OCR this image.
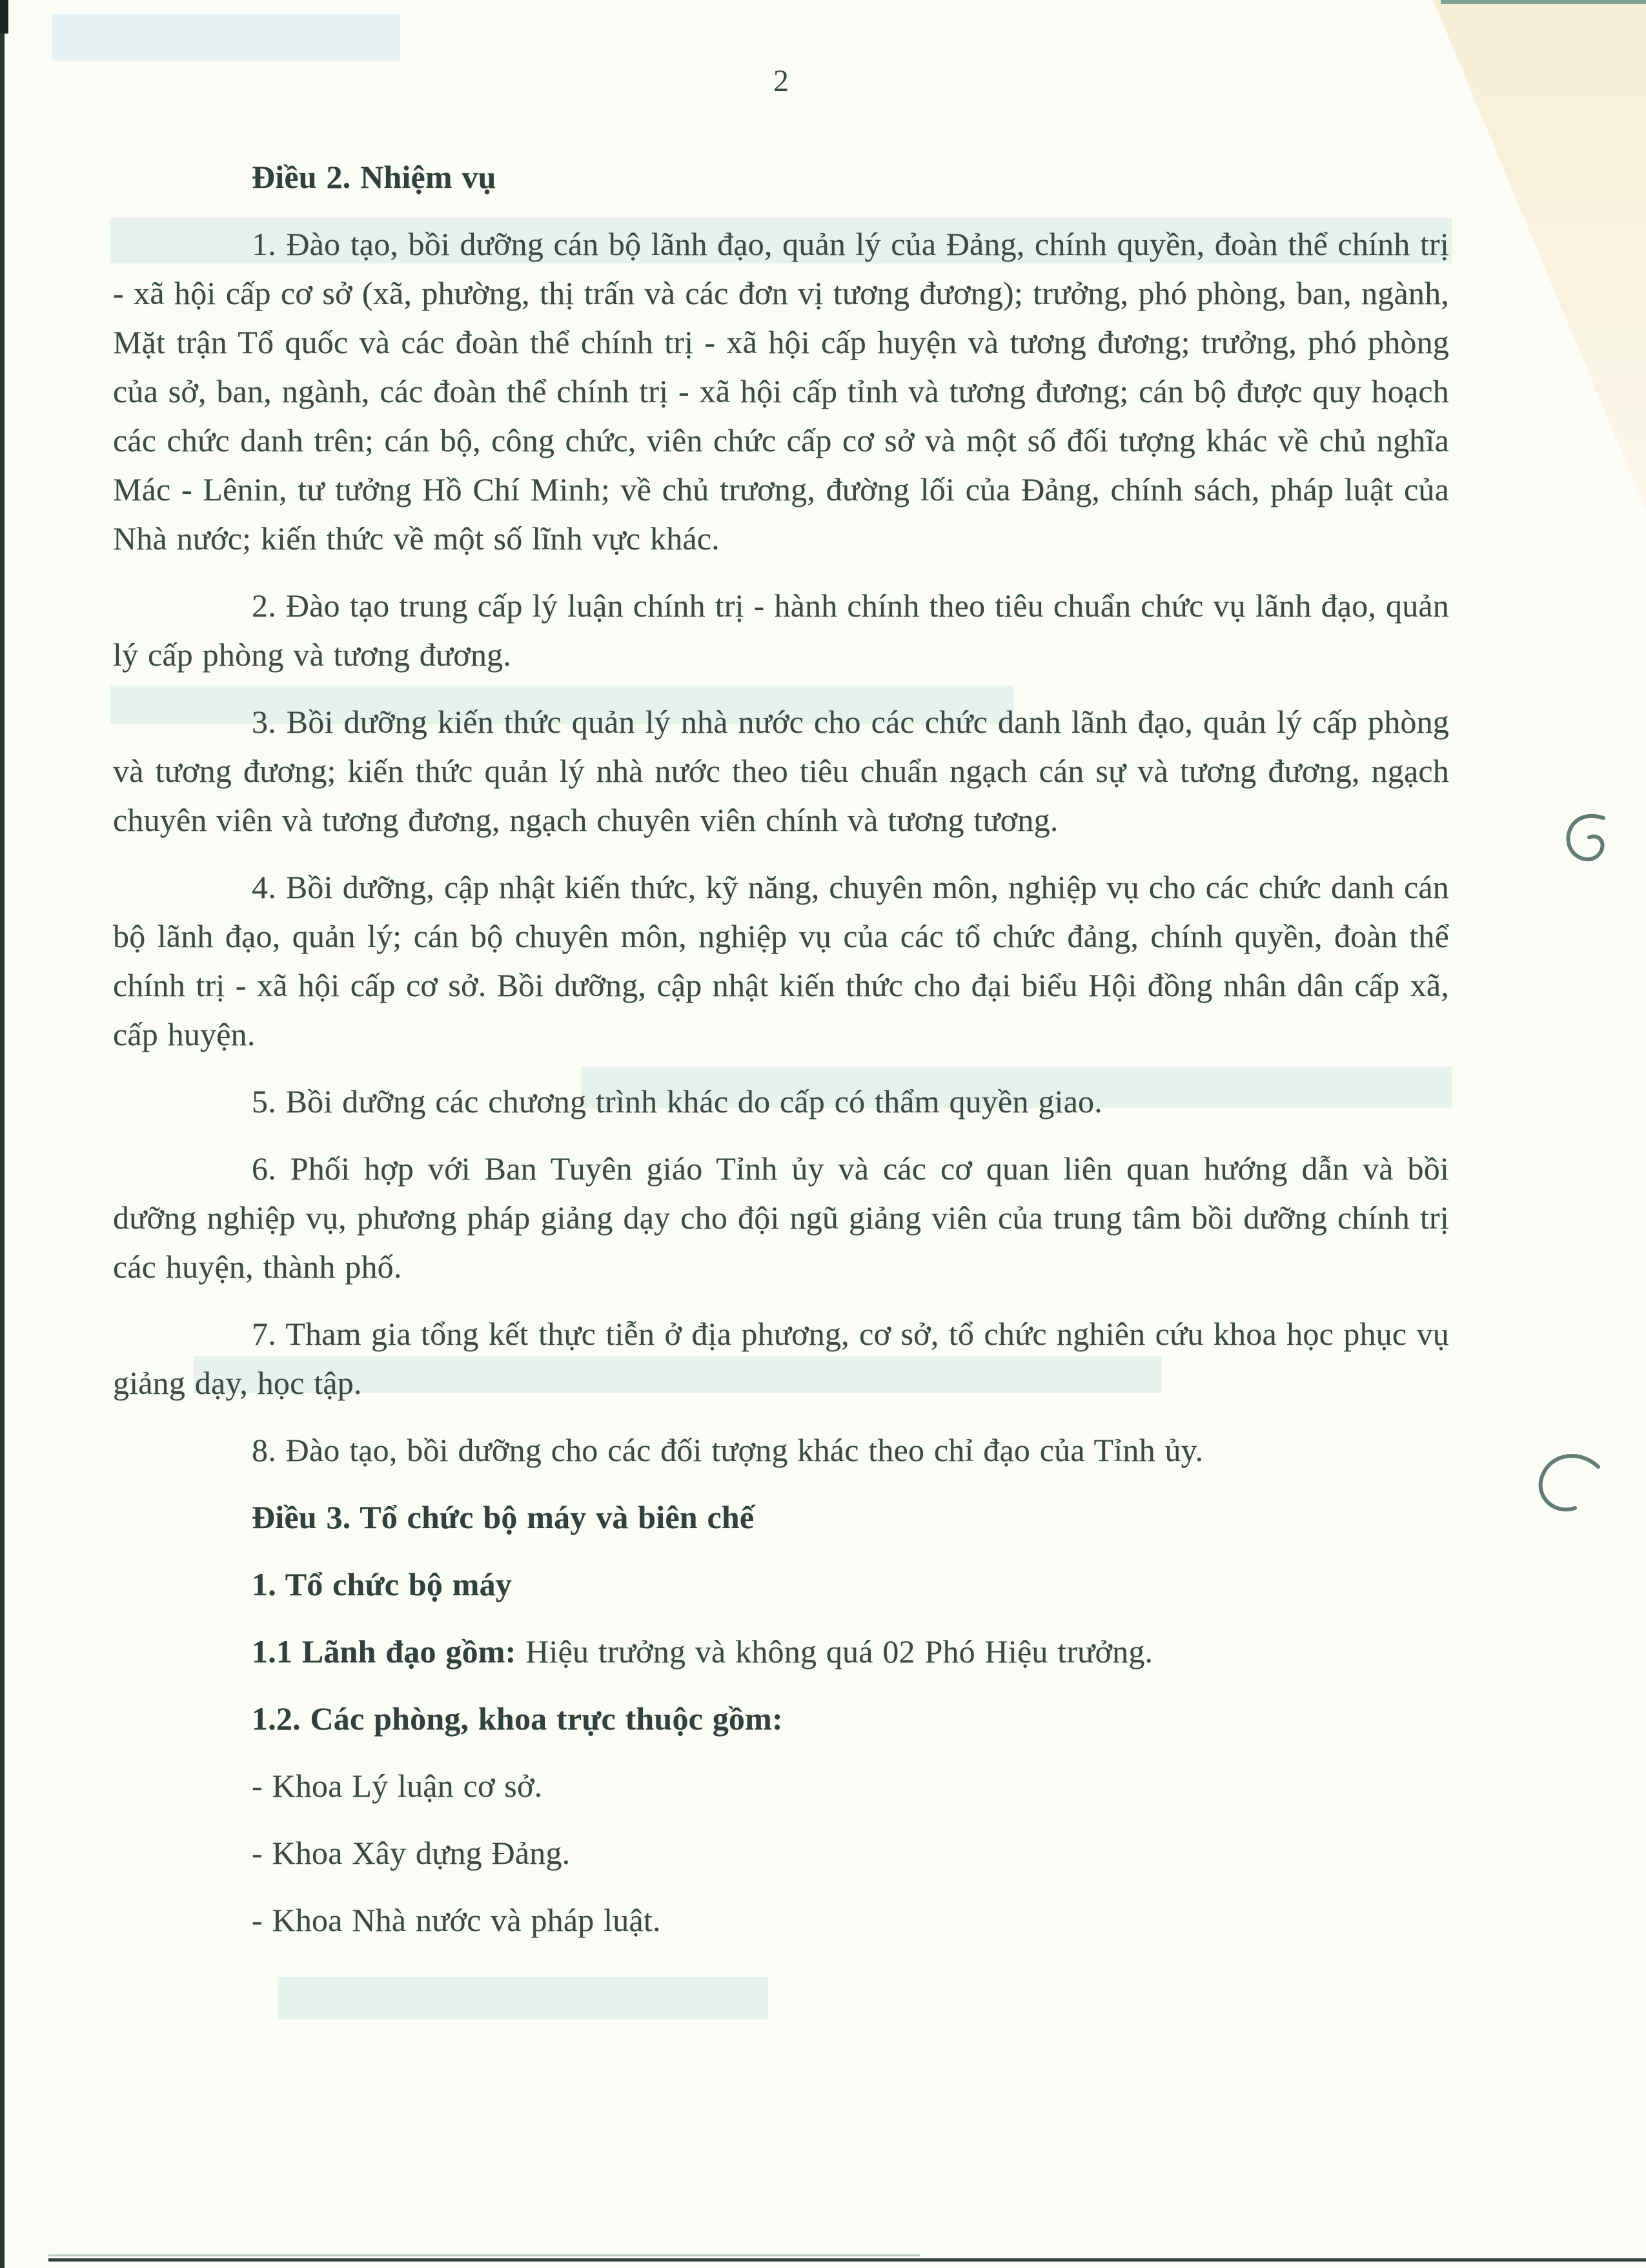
2
Điều 2. Nhiệm vụ
1. Đào tạo, bồi dưỡng cán bộ lãnh đạo, quản lý của Đảng, chính quyền, đoàn thể chính trị - xã hội cấp cơ sở (xã, phường, thị trấn và các đơn vị tương đương); trưởng, phó phòng, ban, ngành, Mặt trận Tổ quốc và các đoàn thể chính trị - xã hội cấp huyện và tương đương; trưởng, phó phòng của sở, ban, ngành, các đoàn thể chính trị - xã hội cấp tỉnh và tương đương; cán bộ được quy hoạch các chức danh trên; cán bộ, công chức, viên chức cấp cơ sở và một số đối tượng khác về chủ nghĩa Mác - Lênin, tư tưởng Hồ Chí Minh; về chủ trương, đường lối của Đảng, chính sách, pháp luật của Nhà nước; kiến thức về một số lĩnh vực khác.
2. Đào tạo trung cấp lý luận chính trị - hành chính theo tiêu chuẩn chức vụ lãnh đạo, quản lý cấp phòng và tương đương.
3. Bồi dưỡng kiến thức quản lý nhà nước cho các chức danh lãnh đạo, quản lý cấp phòng và tương đương; kiến thức quản lý nhà nước theo tiêu chuẩn ngạch cán sự và tương đương, ngạch chuyên viên và tương đương, ngạch chuyên viên chính và tương tương.
4. Bồi dưỡng, cập nhật kiến thức, kỹ năng, chuyên môn, nghiệp vụ cho các chức danh cán bộ lãnh đạo, quản lý; cán bộ chuyên môn, nghiệp vụ của các tổ chức đảng, chính quyền, đoàn thể chính trị - xã hội cấp cơ sở. Bồi dưỡng, cập nhật kiến thức cho đại biểu Hội đồng nhân dân cấp xã, cấp huyện.
5. Bồi dưỡng các chương trình khác do cấp có thẩm quyền giao.
6. Phối hợp với Ban Tuyên giáo Tỉnh ủy và các cơ quan liên quan hướng dẫn và bồi dưỡng nghiệp vụ, phương pháp giảng dạy cho đội ngũ giảng viên của trung tâm bồi dưỡng chính trị các huyện, thành phố.
7. Tham gia tổng kết thực tiễn ở địa phương, cơ sở, tổ chức nghiên cứu khoa học phục vụ giảng dạy, học tập.
8. Đào tạo, bồi dưỡng cho các đối tượng khác theo chỉ đạo của Tỉnh ủy.
Điều 3. Tổ chức bộ máy và biên chế
1. Tổ chức bộ máy
1.1 Lãnh đạo gồm: Hiệu trưởng và không quá 02 Phó Hiệu trưởng.
1.2. Các phòng, khoa trực thuộc gồm:
- Khoa Lý luận cơ sở.
- Khoa Xây dựng Đảng.
- Khoa Nhà nước và pháp luật.
